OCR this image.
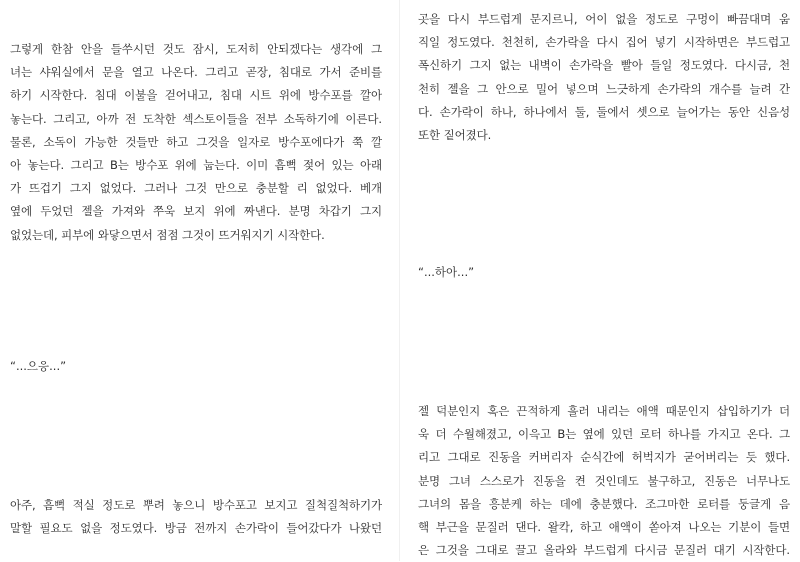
그렇게 한참 안을 들쑤시던 것도 잠시, 도저히 안되겠다는 생각에 그
녀는 샤워실에서 문을 열고 나온다. 그리고 곧장, 침대로 가서 준비를
하기 시작한다. 침대 이불을 걷어내고, 침대 시트 위에 방수포를 깔아
놓는다. 그리고, 아까 전 도착한 섹스토이들을 전부 소독하기에 이른다.
물론, 소독이 가능한 것들만 하고 그것을 일자로 방수포에다가 쭉 깔
아 놓는다. 그리고 B는 방수포 위에 눕는다. 이미 흠뻑 젖어 있는 아래
가 뜨겁기 그지 없었다. 그러나 그것 만으로 충분할 리 없었다. 베개
옆에 두었던 젤을 가져와 쭈욱 보지 위에 짜낸다. 분명 차갑기 그지
없었는데, 피부에 와닿으면서 점점 그것이 뜨거워지기 시작한다.

“...으응...”

아주, 흠뻑 적실 정도로 뿌려 놓으니 방수포고 보지고 질척질척하기가
말할 필요도 없을 정도였다. 방금 전까지 손가락이 들어갔다가 나왔던
곳을 다시 부드럽게 문지르니, 어이 없을 정도로 구멍이 빠끔대며 움
직일 정도였다. 천천히, 손가락을 다시 집어 넣기 시작하면은 부드럽고
폭신하기 그지 없는 내벽이 손가락을 빨아 들일 정도였다. 다시금, 천
천히 젤을 그 안으로 밀어 넣으며 느긋하게 손가락의 개수를 늘려 간
다. 손가락이 하나, 하나에서 둘, 둘에서 셋으로 늘어가는 동안 신음성
또한 짙어졌다.

“...하아...”

젤 덕분인지 혹은 끈적하게 흘러 내리는 애액 때문인지 삽입하기가 더
욱 더 수월해졌고, 이윽고 B는 옆에 있던 로터 하나를 가지고 온다. 그
리고 그대로 진동을 커버리자 순식간에 허벅지가 굳어버리는 듯 했다.
분명 그녀 스스로가 진동을 켠 것인데도 불구하고, 진동은 너무나도
그녀의 몸을 흥분케 하는 데에 충분했다. 조그마한 로터를 둥글게 음
핵 부근을 문질러 댄다. 왈칵, 하고 애액이 쏟아져 나오는 기분이 들면
은 그것을 그대로 끌고 올라와 부드럽게 다시금 문질러 대기 시작한다.
